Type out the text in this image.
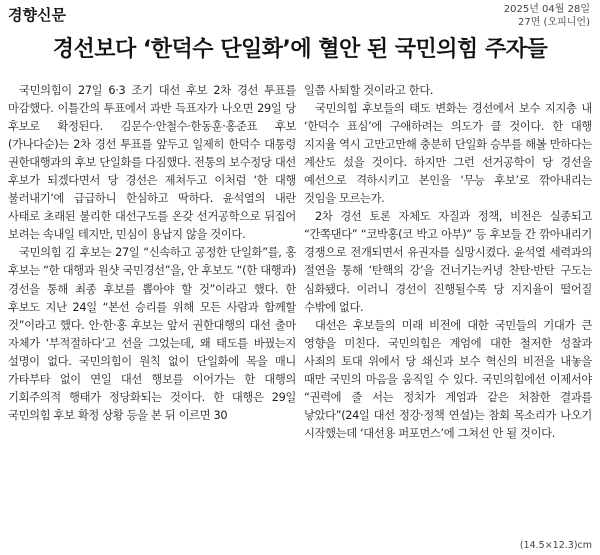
경향신문	2025년 04월 28일
27면 (오피니언)
경선보다 ‘한덕수 단일화’에 혈안 된 국민의힘 주자들

국민의힘이 27일 6·3 조기 대선 후보 2차 경선 투표를 마감했다. 이틀간의 투표에서 과반 득표자가 나오면 29일 당 후보로 확정된다. 김문수·안철수·한동훈·홍준표 후보(가나다순)는 2차 경선 투표를 앞두고 일제히 한덕수 대통령 권한대행과의 후보 단일화를 다짐했다. 전통의 보수정당 대선 후보가 되겠다면서 당 경선은 제쳐두고 이처럼 ‘한 대행 불러내기’에 급급하니 한심하고 딱하다. 윤석열의 내란 사태로 초래된 불리한 대선구도를 온갖 선거공학으로 뒤집어 보려는 속내일 테지만, 민심이 용납지 않을 것이다.

국민의힘 김 후보는 27일 “신속하고 공정한 단일화”를, 홍 후보는 “한 대행과 원샷 국민경선”을, 안 후보도 “(한 대행과) 경선을 통해 최종 후보를 뽑아야 할 것”이라고 했다. 한 후보도 지난 24일 “본선 승리를 위해 모든 사람과 함께할 것”이라고 했다. 안·한·홍 후보는 앞서 권한대행의 대선 출마 자체가 ‘부적절하다’고 선을 그었는데, 왜 태도를 바꿨는지 설명이 없다. 국민의힘이 원칙 없이 단일화에 목을 매니 가타부타 없이 연일 대선 행보를 이어가는 한 대행의 기회주의적 행태가 정당화되는 것이다. 한 대행은 29일 국민의힘 후보 확정 상황 등을 본 뒤 이르면 30

일쯤 사퇴할 것이라고 한다.

국민의힘 후보들의 태도 변화는 경선에서 보수 지지층 내 ‘한덕수 표심’에 구애하려는 의도가 클 것이다. 한 대행 지지율 역시 고만고만해 충분히 단일화 승부를 해볼 만하다는 계산도 섰을 것이다. 하지만 그런 선거공학이 당 경선을 예선으로 격하시키고 본인을 ‘무능 후보’로 깎아내리는 것임을 모르는가.

2차 경선 토론 자체도 자질과 정책, 비전은 실종되고 “간쪽댄다” “코박홍(코 박고 아부)” 등 후보들 간 깎아내리기 경쟁으로 전개되면서 유권자를 실망시켰다. 윤석열 세력과의 절연을 통해 ‘탄핵의 강’을 건너기는커녕 찬탄·반탄 구도는 심화됐다. 이러니 경선이 진행될수록 당 지지율이 떨어질 수밖에 없다.

대선은 후보들의 미래 비전에 대한 국민들의 기대가 큰 영향을 미친다. 국민의힘은 계엄에 대한 철저한 성찰과 사죄의 토대 위에서 당 쇄신과 보수 혁신의 비전을 내놓을 때만 국민의 마음을 움직일 수 있다. 국민의힘에선 이제서야 “권력에 줄 서는 정치가 계엄과 같은 처참한 결과를 낳았다”(24일 대선 정강·정책 연설)는 참회 목소리가 나오기 시작했는데 ‘대선용 퍼포먼스’에 그쳐선 안 될 것이다.

(14.5×12.3)cm
